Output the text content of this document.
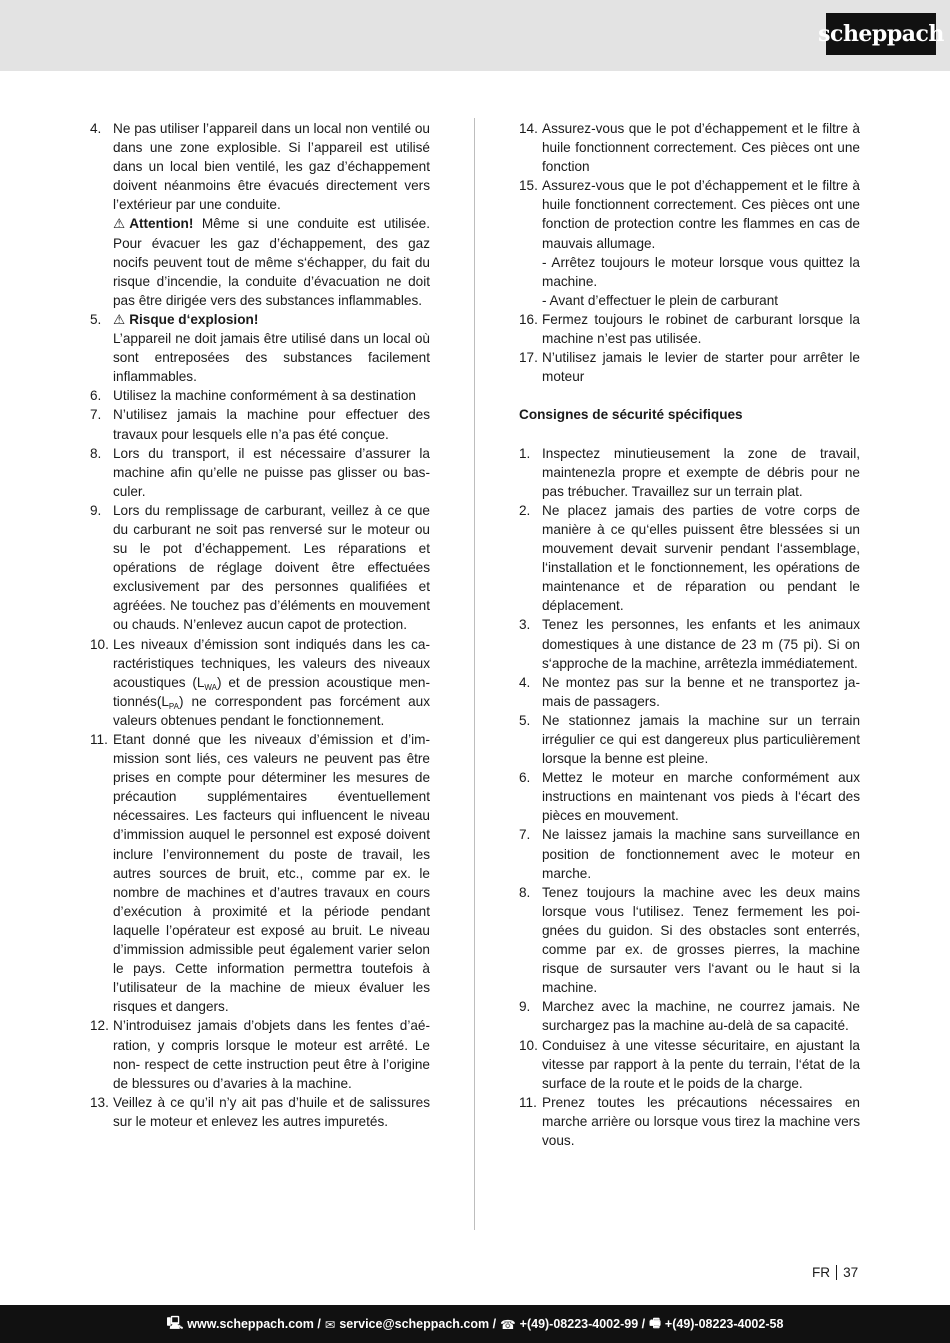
scheppach
4. Ne pas utiliser l’appareil dans un local non ventilé ou dans une zone explosible. Si l’appareil est utilisé dans un local bien ventilé, les gaz d’échappement doivent néanmoins être évacués directement vers l’extérieur par une conduite.
⚠ Attention! Même si une conduite est utilisée. Pour évacuer les gaz d’échappement, des gaz nocifs peuvent tout de même s‘échapper, du fait du risque d’incendie, la conduite d’évacuation ne doit pas être dirigée vers des substances inflammables.
5. ⚠ Risque d‘explosion!
L’appareil ne doit jamais être utilisé dans un local où sont entreposées des substances facilement inflammables.
6. Utilisez la machine conformément à sa destination
7. N’utilisez jamais la machine pour effectuer des travaux pour lesquels elle n’a pas été conçue.
8. Lors du transport, il est nécessaire d’assurer la machine afin qu’elle ne puisse pas glisser ou basculer.
9. Lors du remplissage de carburant, veillez à ce que du carburant ne soit pas renversé sur le moteur ou su le pot d’échappement. Les réparations et opérations de réglage doivent être effectuées exclusivement par des personnes qualifiées et agréées. Ne touchez pas d’éléments en mouvement ou chauds. N’enlevez aucun capot de protection.
10. Les niveaux d’émission sont indiqués dans les caractéristiques techniques, les valeurs des niveaux acoustiques $(L_{WA})$ et de pression acoustique $mentionnés(L_{PA})$ ne correspondent pas forcément aux valeurs obtenues pendant le fonctionnement.
11. Etant donné que les niveaux d’émission et d’immission sont liés, ces valeurs ne peuvent pas être prises en compte pour déterminer les mesures de précaution supplémentaires éventuellement nécessaires. Les facteurs qui influencent le niveau d’immission auquel le personnel est exposé doivent inclure l’environnement du poste de travail, les autres sources de bruit, etc., comme par ex. le nombre de machines et d’autres travaux en cours d’exécution à proximité et la période pendant laquelle l’opérateur est exposé au bruit. Le niveau d’immission admissible peut également varier selon le pays. Cette information permettra toutefois à l’utilisateur de la machine de mieux évaluer les risques et dangers.
12. N’introduisez jamais d’objets dans les fentes d’aération, y compris lorsque le moteur est arrêté. Le non- respect de cette instruction peut être à l’origine de blessures ou d’avaries à la machine.
13. Veillez à ce qu’il n’y ait pas d’huile et de salissures sur le moteur et enlevez les autres impuretés.
14. Assurez-vous que le pot d’échappement et le filtre à huile fonctionnent correctement. Ces pièces ont une fonction
15. Assurez-vous que le pot d’échappement et le filtre à huile fonctionnent correctement. Ces pièces ont une fonction de protection contre les flammes en cas de mauvais allumage.
- Arrêtez toujours le moteur lorsque vous quittez la machine.
- Avant d’effectuer le plein de carburant
16. Fermez toujours le robinet de carburant lorsque la machine n’est pas utilisée.
17. N’utilisez jamais le levier de starter pour arrêter le moteur
Consignes de sécurité spécifiques
1. Inspectez minutieusement la zone de travail, maintenezla propre et exempte de débris pour ne pas trébucher. Travaillez sur un terrain plat.
2. Ne placez jamais des parties de votre corps de manière à ce qu‘elles puissent être blessées si un mouvement devait survenir pendant l‘assemblage, l‘installation et le fonctionnement, les opérations de maintenance et de réparation ou pendant le déplacement.
3. Tenez les personnes, les enfants et les animaux domestiques à une distance de 23 m (75 pi). Si on s‘approche de la machine, arrêtezla immédiatement.
4. Ne montez pas sur la benne et ne transportez jamais de passagers.
5. Ne stationnez jamais la machine sur un terrain irrégulier ce qui est dangereux plus particulièrement lorsque la benne est pleine.
6. Mettez le moteur en marche conformément aux instructions en maintenant vos pieds à l‘écart des pièces en mouvement.
7. Ne laissez jamais la machine sans surveillance en position de fonctionnement avec le moteur en marche.
8. Tenez toujours la machine avec les deux mains lorsque vous l‘utilisez. Tenez fermement les poignées du guidon. Si des obstacles sont enterrés, comme par ex. de grosses pierres, la machine risque de sursauter vers l‘avant ou le haut si la machine.
9. Marchez avec la machine, ne courrez jamais. Ne surchargez pas la machine au-delà de sa capacité.
10. Conduisez à une vitesse sécuritaire, en ajustant la vitesse par rapport à la pente du terrain, l‘état de la surface de la route et le poids de la charge.
11. Prenez toutes les précautions nécessaires en marche arrière ou lorsque vous tirez la machine vers vous.
FR 37
🖳 www.scheppach.com / ✉ service@scheppach.com / ☎ +(49)-08223-4002-99 / 🖷 +(49)-08223-4002-58
